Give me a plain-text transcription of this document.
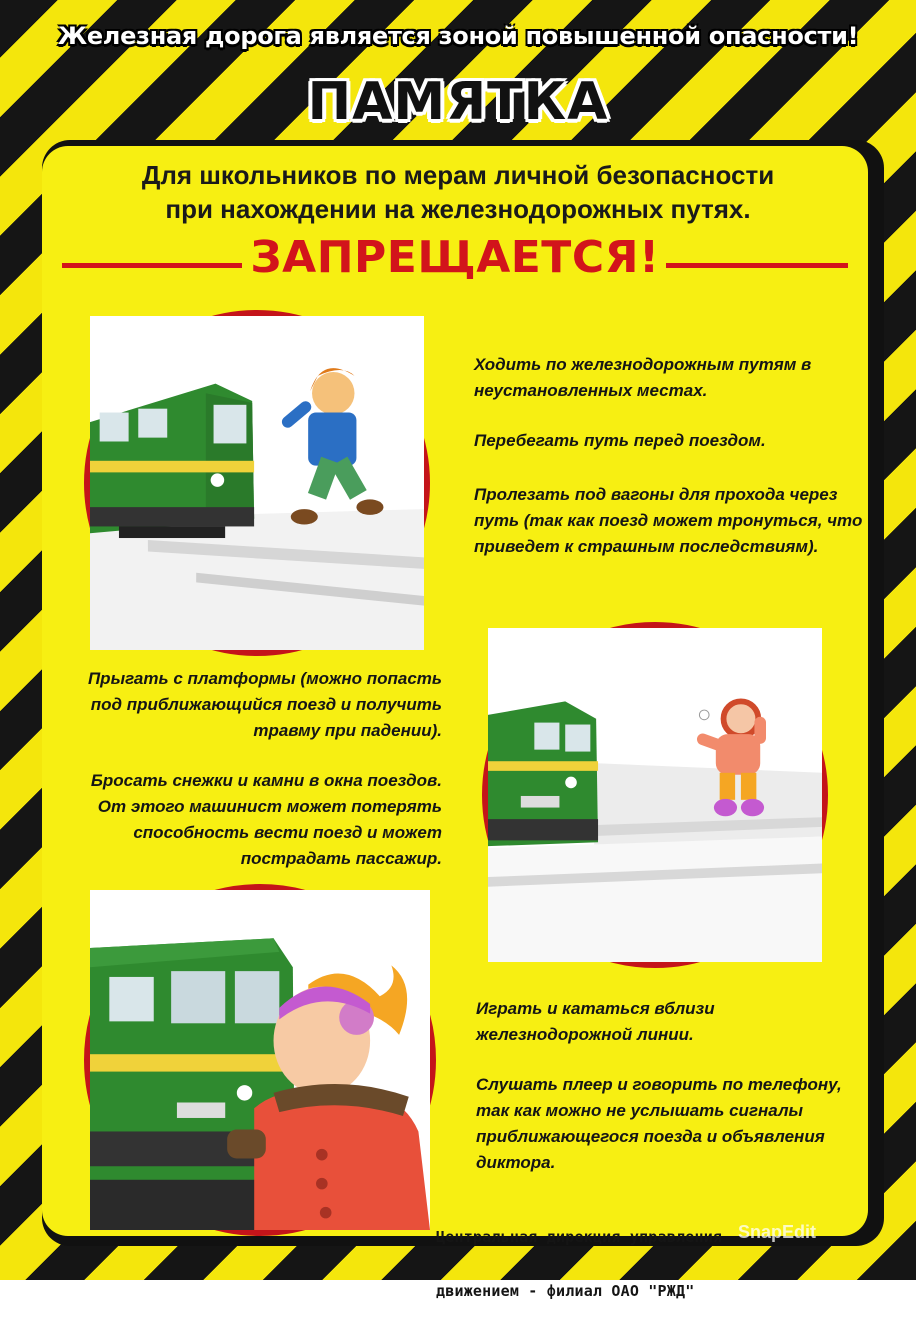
Железная дорога является зоной повышенной опасности!
ПАМЯТКА
Для школьников по мерам личной безопасности
при нахождении на железнодорожных путях.
ЗАПРЕЩАЕТСЯ!
Ходить по железнодорожным путям в
неустановленных местах.
Перебегать путь перед поездом.
Пролезать под вагоны для прохода через
путь (так как поезд может тронуться, что
приведет к страшным последствиям).
Прыгать с платформы (можно попасть
под приближающийся поезд и получить
травму при падении).
Бросать снежки и камни в окна поездов.
От этого машинист может потерять
способность вести поезд и может
пострадать пассажир.
Играть и кататься вблизи
железнодорожной линии.
Слушать плеер и говорить по телефону,
так как можно не услышать сигналы
приближающегося поезда и объявления
диктора.

Центральная дирекция управления

движением - филиал ОАО "РЖД"

SnapEdit
